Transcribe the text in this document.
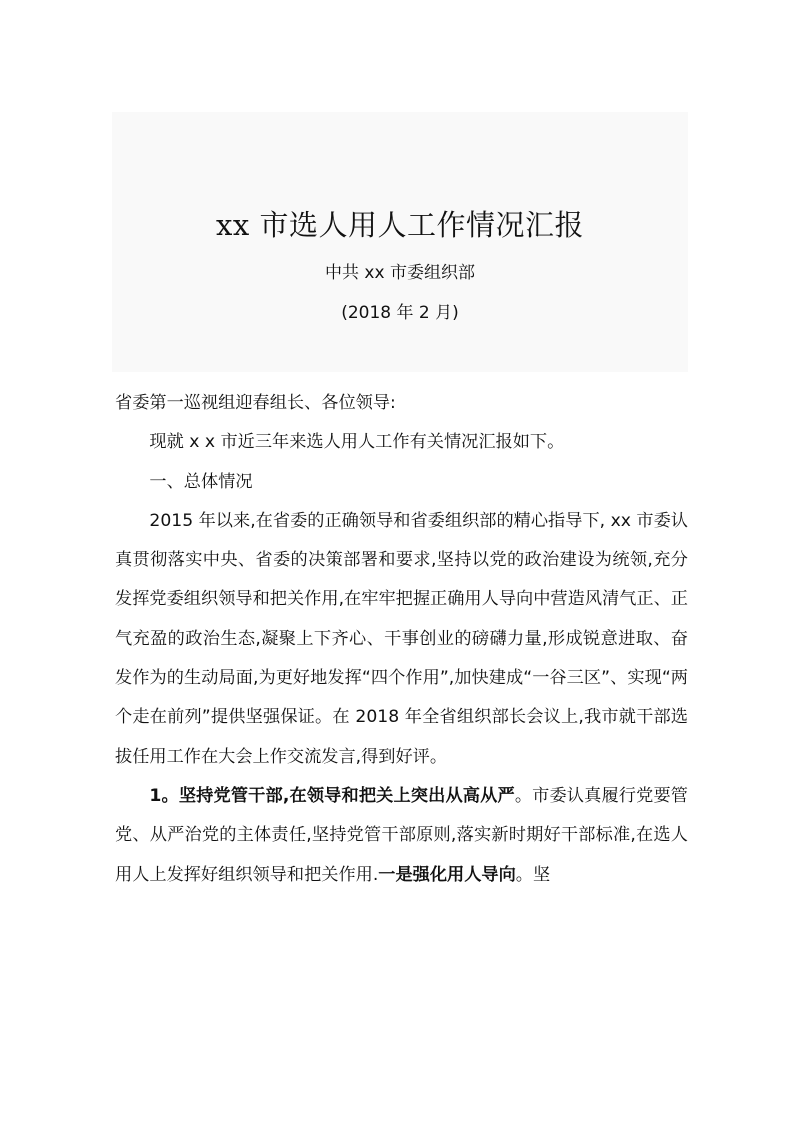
xx 市选人用人工作情况汇报
中共 xx 市委组织部
(2018 年 2 月)

省委第一巡视组迎春组长、各位领导:

现就 x x 市近三年来选人用人工作有关情况汇报如下。

一、总体情况

2015 年以来,在省委的正确领导和省委组织部的精心指导下, xx 市委认真贯彻落实中央、省委的决策部署和要求,坚持以党的政治建设为统领,充分发挥党委组织领导和把关作用,在牢牢把握正确用人导向中营造风清气正、正气充盈的政治生态,凝聚上下齐心、干事创业的磅礴力量,形成锐意进取、奋发作为的生动局面,为更好地发挥“四个作用”,加快建成“一谷三区”、实现“两个走在前列”提供坚强保证。在 2018 年全省组织部长会议上,我市就干部选拔任用工作在大会上作交流发言,得到好评。

1。坚持党管干部,在领导和把关上突出从高从严。市委认真履行党要管党、从严治党的主体责任,坚持党管干部原则,落实新时期好干部标准,在选人用人上发挥好组织领导和把关作用.一是强化用人导向。坚
